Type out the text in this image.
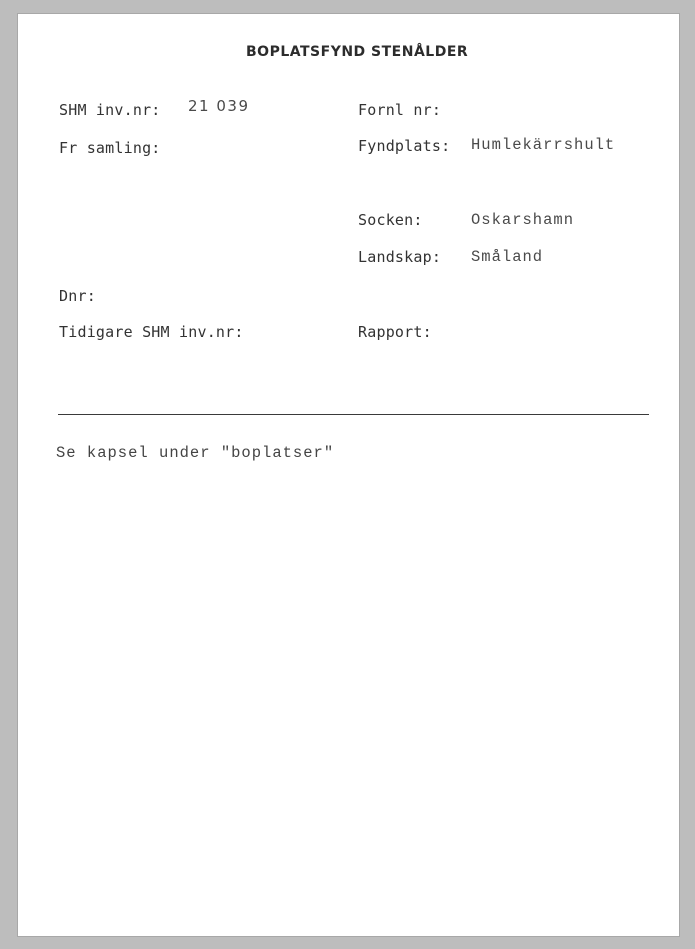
BOPLATSFYND STENÅLDER
SHM inv.nr: 21 039	Fornl nr:
Fr samling:	Fyndplats: Humlekärrshult
Socken:	Oskarshamn
Landskap: Småland
Dnr:
Tidigare SHM inv.nr:	Rapport:
Se kapsel under "boplatser"
